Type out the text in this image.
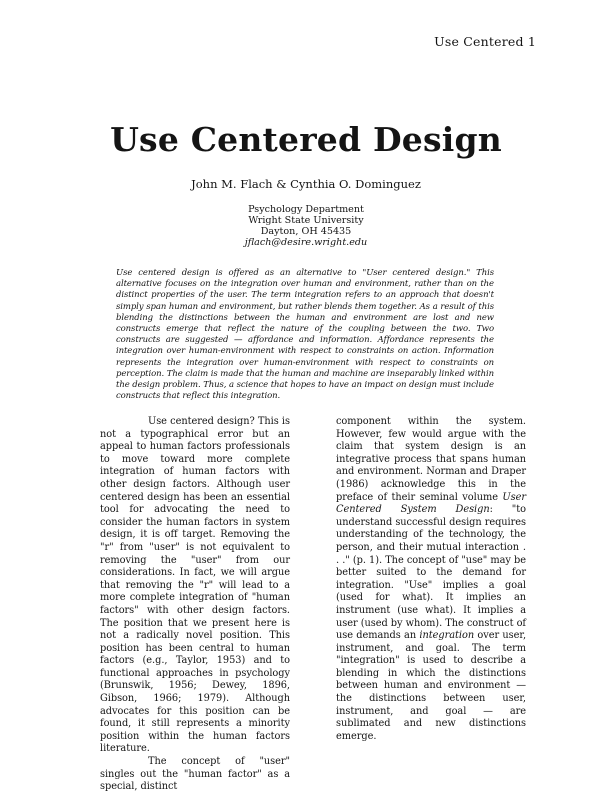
Use Centered 1
Use Centered Design
John M. Flach & Cynthia O. Dominguez
Psychology Department
Wright State University
Dayton, OH 45435
jflach@desire.wright.edu

Use centered design is offered as an alternative to "User centered design." This alternative focuses on the integration over human and environment, rather than on the distinct properties of the user. The term integration refers to an approach that doesn't simply span human and environment, but rather blends them together. As a result of this blending the distinctions between the human and environment are lost and new constructs emerge that reflect the nature of the coupling between the two. Two constructs are suggested — affordance and information. Affordance represents the integration over human-environment with respect to constraints on action. Information represents the integration over human-environment with respect to constraints on perception. The claim is made that the human and machine are inseparably linked within the design problem. Thus, a science that hopes to have an impact on design must include constructs that reflect this integration.

Use centered design? This is not a typographical error but an appeal to human factors professionals to move toward more complete integration of human factors with other design factors. Although user centered design has been an essential tool for advocating the need to consider the human factors in system design, it is off target. Removing the "r" from "user" is not equivalent to removing the "user" from our considerations. In fact, we will argue that removing the "r" will lead to a more complete integration of "human factors" with other design factors. The position that we present here is not a radically novel position. This position has been central to human factors (e.g., Taylor, 1953) and to functional approaches in psychology (Brunswik, 1956; Dewey, 1896, Gibson, 1966; 1979). Although advocates for this position can be found, it still represents a minority position within the human factors literature.

The concept of "user" singles out the "human factor" as a special, distinct

component within the system. However, few would argue with the claim that system design is an integrative process that spans human and environment. Norman and Draper (1986) acknowledge this in the preface of their seminal volume User Centered System Design: "to understand successful design requires understanding of the technology, the person, and their mutual interaction . . ." (p. 1). The concept of "use" may be better suited to the demand for integration. "Use" implies a goal (used for what). It implies an instrument (use what). It implies a user (used by whom). The construct of use demands an integration over user, instrument, and goal. The term "integration" is used to describe a blending in which the distinctions between human and environment — the distinctions between user, instrument, and goal — are sublimated and new distinctions emerge.
